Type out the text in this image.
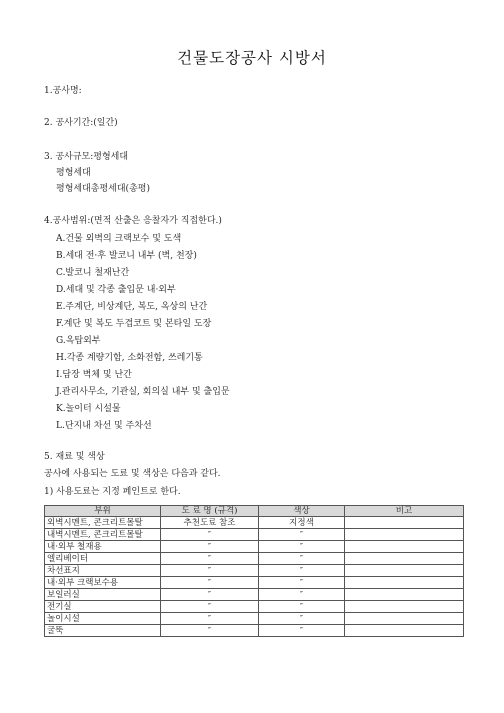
건물도장공사 시방서
1.공사명:
2. 공사기간:(일간)
3. 공사규모:평형세대
평형세대
평형세대총평세대(총평)
4.공사범위:(면적 산출은 응찰자가 직접한다.)
A.건물 외벽의 크랙보수 및 도색
B.세대 전·후 발코니 내부 (벽, 천장)
C.발코니 철재난간
D.세대 및 각종 출입문 내·외부
E.주계단, 비상계단, 복도, 옥상의 난간
F.계단 및 복도 두겹코트 및 본타일 도장
G.옥탑외부
H.각종 계량기함, 소화전함, 쓰레기통
I.담장 벽체 및 난간
J.관리사무소, 기관실, 회의실 내부 및 출입문
K.놀이터 시설물
L.단지내 차선 및 주차선
5. 재료 및 색상
공사에 사용되는 도료 및 색상은 다음과 같다.
1) 사용도료는 지정 페인트로 한다.
부위	도 료 명 (규격)	색상	비고
외벽시멘트, 콘크리트몰탈	추천도료 참조	지정색	
내벽시멘트, 콘크리트몰탈	″	″	
내·외부 철재용	″	″	
엘리베이터	″	″	
차선표지	″	″	
내·외부 크랙보수용	″	″	
보일러실	″	″	
전기실	″	″	
놀이시설	″	″	
굴뚝	″	″	
